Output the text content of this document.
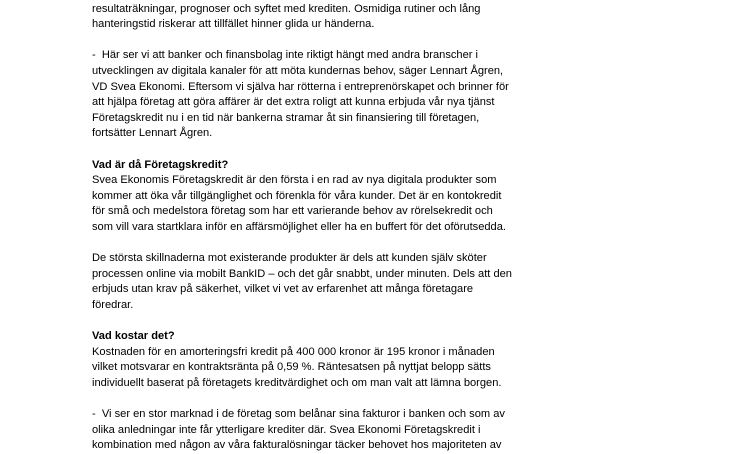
resultaträkningar, prognoser och syftet med krediten. Osmidiga rutiner och lång
hanteringstid riskerar att tillfället hinner glida ur händerna.
-  Här ser vi att banker och finansbolag inte riktigt hängt med andra branscher i
utvecklingen av digitala kanaler för att möta kundernas behov, säger Lennart Ågren,
VD Svea Ekonomi. Eftersom vi själva har rötterna i entreprenörskapet och brinner för
att hjälpa företag att göra affärer är det extra roligt att kunna erbjuda vår nya tjänst
Företagskredit nu i en tid när bankerna stramar åt sin finansiering till företagen,
fortsätter Lennart Ågren.
Vad är då Företagskredit?
Svea Ekonomis Företagskredit är den första i en rad av nya digitala produkter som
kommer att öka vår tillgänglighet och förenkla för våra kunder. Det är en kontokredit
för små och medelstora företag som har ett varierande behov av rörelsekredit och
som vill vara startklara inför en affärsmöjlighet eller ha en buffert för det oförutsedda.
De största skillnaderna mot existerande produkter är dels att kunden själv sköter
processen online via mobilt BankID – och det går snabbt, under minuten. Dels att den
erbjuds utan krav på säkerhet, vilket vi vet av erfarenhet att många företagare
föredrar.
Vad kostar det?
Kostnaden för en amorteringsfri kredit på 400 000 kronor är 195 kronor i månaden
vilket motsvarar en kontraktsränta på 0,59 %. Räntesatsen på nyttjat belopp sätts
individuellt baserat på företagets kreditvärdighet och om man valt att lämna borgen.
-  Vi ser en stor marknad i de företag som belånar sina fakturor i banken och som av
olika anledningar inte får ytterligare krediter där. Svea Ekonomi Företagskredit i
kombination med någon av våra fakturalösningar täcker behovet hos majoriteten av
